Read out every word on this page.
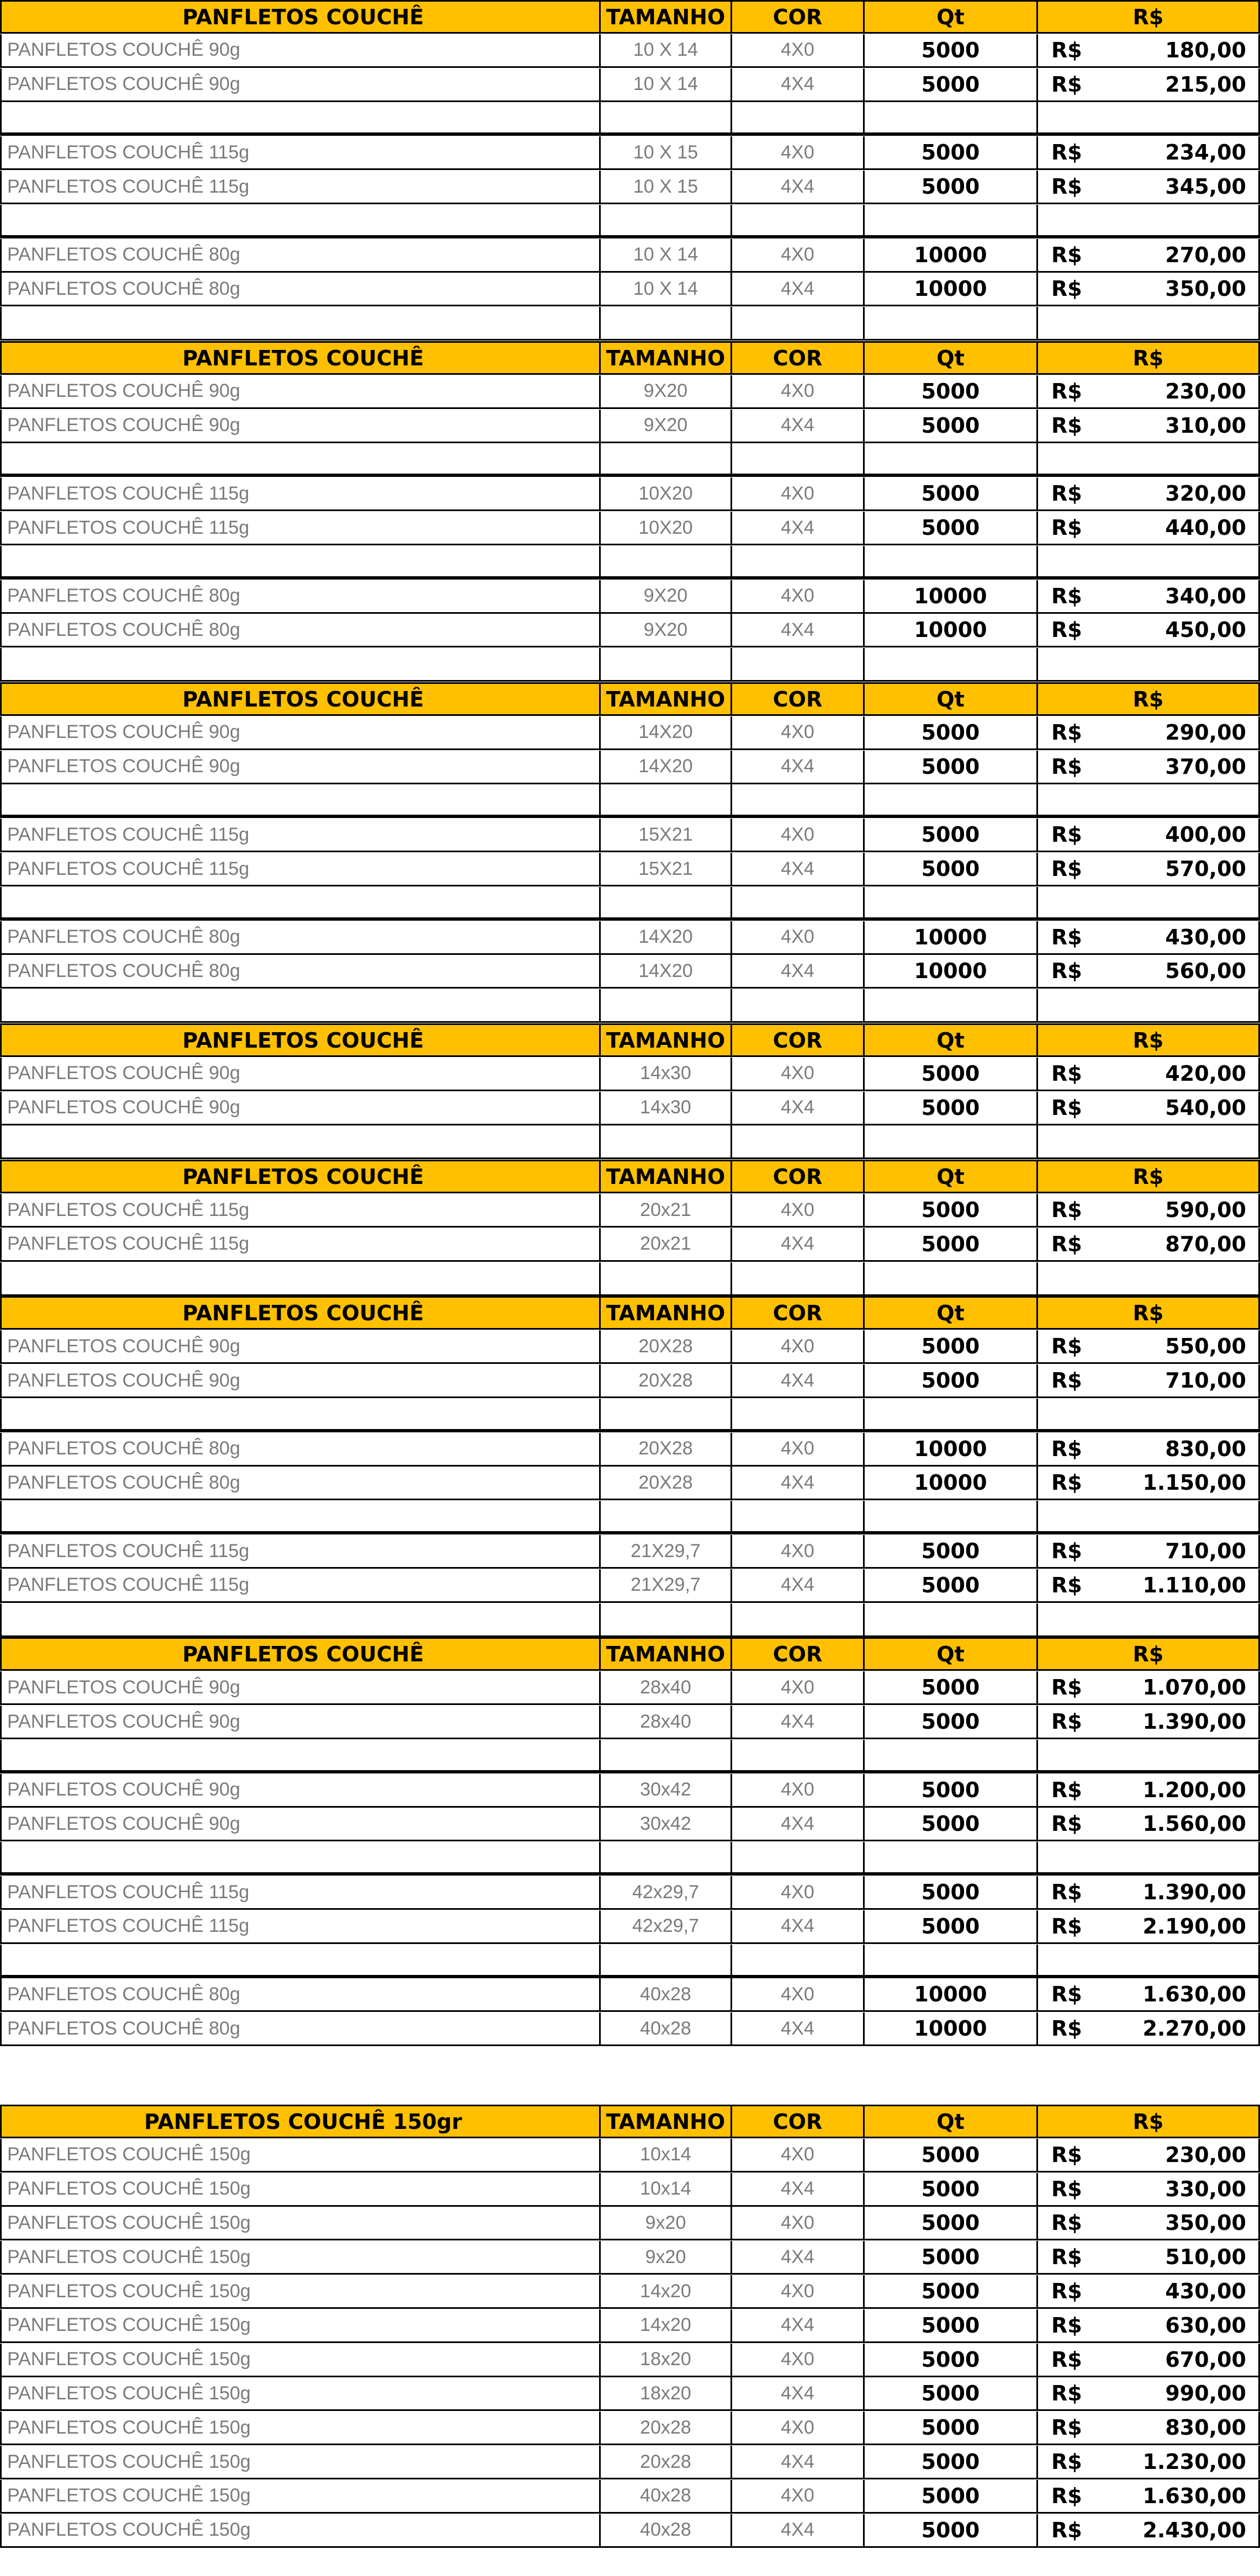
PANFLETOS COUCHÊ	TAMANHO	COR	Qt	R$
PANFLETOS COUCHÊ 90g	10 X 14	4X0	5000	R$	180,00
PANFLETOS COUCHÊ 90g	10 X 14	4X4	5000	R$	215,00
PANFLETOS COUCHÊ 115g	10 X 15	4X0	5000	R$	234,00
PANFLETOS COUCHÊ 115g	10 X 15	4X4	5000	R$	345,00
PANFLETOS COUCHÊ 80g	10 X 14	4X0	10000	R$	270,00
PANFLETOS COUCHÊ 80g	10 X 14	4X4	10000	R$	350,00
PANFLETOS COUCHÊ	TAMANHO	COR	Qt	R$
PANFLETOS COUCHÊ 90g	9X20	4X0	5000	R$	230,00
PANFLETOS COUCHÊ 90g	9X20	4X4	5000	R$	310,00
PANFLETOS COUCHÊ 115g	10X20	4X0	5000	R$	320,00
PANFLETOS COUCHÊ 115g	10X20	4X4	5000	R$	440,00
PANFLETOS COUCHÊ 80g	9X20	4X0	10000	R$	340,00
PANFLETOS COUCHÊ 80g	9X20	4X4	10000	R$	450,00
PANFLETOS COUCHÊ	TAMANHO	COR	Qt	R$
PANFLETOS COUCHÊ 90g	14X20	4X0	5000	R$	290,00
PANFLETOS COUCHÊ 90g	14X20	4X4	5000	R$	370,00
PANFLETOS COUCHÊ 115g	15X21	4X0	5000	R$	400,00
PANFLETOS COUCHÊ 115g	15X21	4X4	5000	R$	570,00
PANFLETOS COUCHÊ 80g	14X20	4X0	10000	R$	430,00
PANFLETOS COUCHÊ 80g	14X20	4X4	10000	R$	560,00
PANFLETOS COUCHÊ	TAMANHO	COR	Qt	R$
PANFLETOS COUCHÊ 90g	14x30	4X0	5000	R$	420,00
PANFLETOS COUCHÊ 90g	14x30	4X4	5000	R$	540,00
PANFLETOS COUCHÊ	TAMANHO	COR	Qt	R$
PANFLETOS COUCHÊ 115g	20x21	4X0	5000	R$	590,00
PANFLETOS COUCHÊ 115g	20x21	4X4	5000	R$	870,00
PANFLETOS COUCHÊ	TAMANHO	COR	Qt	R$
PANFLETOS COUCHÊ 90g	20X28	4X0	5000	R$	550,00
PANFLETOS COUCHÊ 90g	20X28	4X4	5000	R$	710,00
PANFLETOS COUCHÊ 80g	20X28	4X0	10000	R$	830,00
PANFLETOS COUCHÊ 80g	20X28	4X4	10000	R$	1.150,00
PANFLETOS COUCHÊ 115g	21X29,7	4X0	5000	R$	710,00
PANFLETOS COUCHÊ 115g	21X29,7	4X4	5000	R$	1.110,00
PANFLETOS COUCHÊ	TAMANHO	COR	Qt	R$
PANFLETOS COUCHÊ 90g	28x40	4X0	5000	R$	1.070,00
PANFLETOS COUCHÊ 90g	28x40	4X4	5000	R$	1.390,00
PANFLETOS COUCHÊ 90g	30x42	4X0	5000	R$	1.200,00
PANFLETOS COUCHÊ 90g	30x42	4X4	5000	R$	1.560,00
PANFLETOS COUCHÊ 115g	42x29,7	4X0	5000	R$	1.390,00
PANFLETOS COUCHÊ 115g	42x29,7	4X4	5000	R$	2.190,00
PANFLETOS COUCHÊ 80g	40x28	4X0	10000	R$	1.630,00
PANFLETOS COUCHÊ 80g	40x28	4X4	10000	R$	2.270,00
PANFLETOS COUCHÊ 150gr	TAMANHO	COR	Qt	R$
PANFLETOS COUCHÊ 150g	10x14	4X0	5000	R$	230,00
PANFLETOS COUCHÊ 150g	10x14	4X4	5000	R$	330,00
PANFLETOS COUCHÊ 150g	9x20	4X0	5000	R$	350,00
PANFLETOS COUCHÊ 150g	9x20	4X4	5000	R$	510,00
PANFLETOS COUCHÊ 150g	14x20	4X0	5000	R$	430,00
PANFLETOS COUCHÊ 150g	14x20	4X4	5000	R$	630,00
PANFLETOS COUCHÊ 150g	18x20	4X0	5000	R$	670,00
PANFLETOS COUCHÊ 150g	18x20	4X4	5000	R$	990,00
PANFLETOS COUCHÊ 150g	20x28	4X0	5000	R$	830,00
PANFLETOS COUCHÊ 150g	20x28	4X4	5000	R$	1.230,00
PANFLETOS COUCHÊ 150g	40x28	4X0	5000	R$	1.630,00
PANFLETOS COUCHÊ 150g	40x28	4X4	5000	R$	2.430,00
